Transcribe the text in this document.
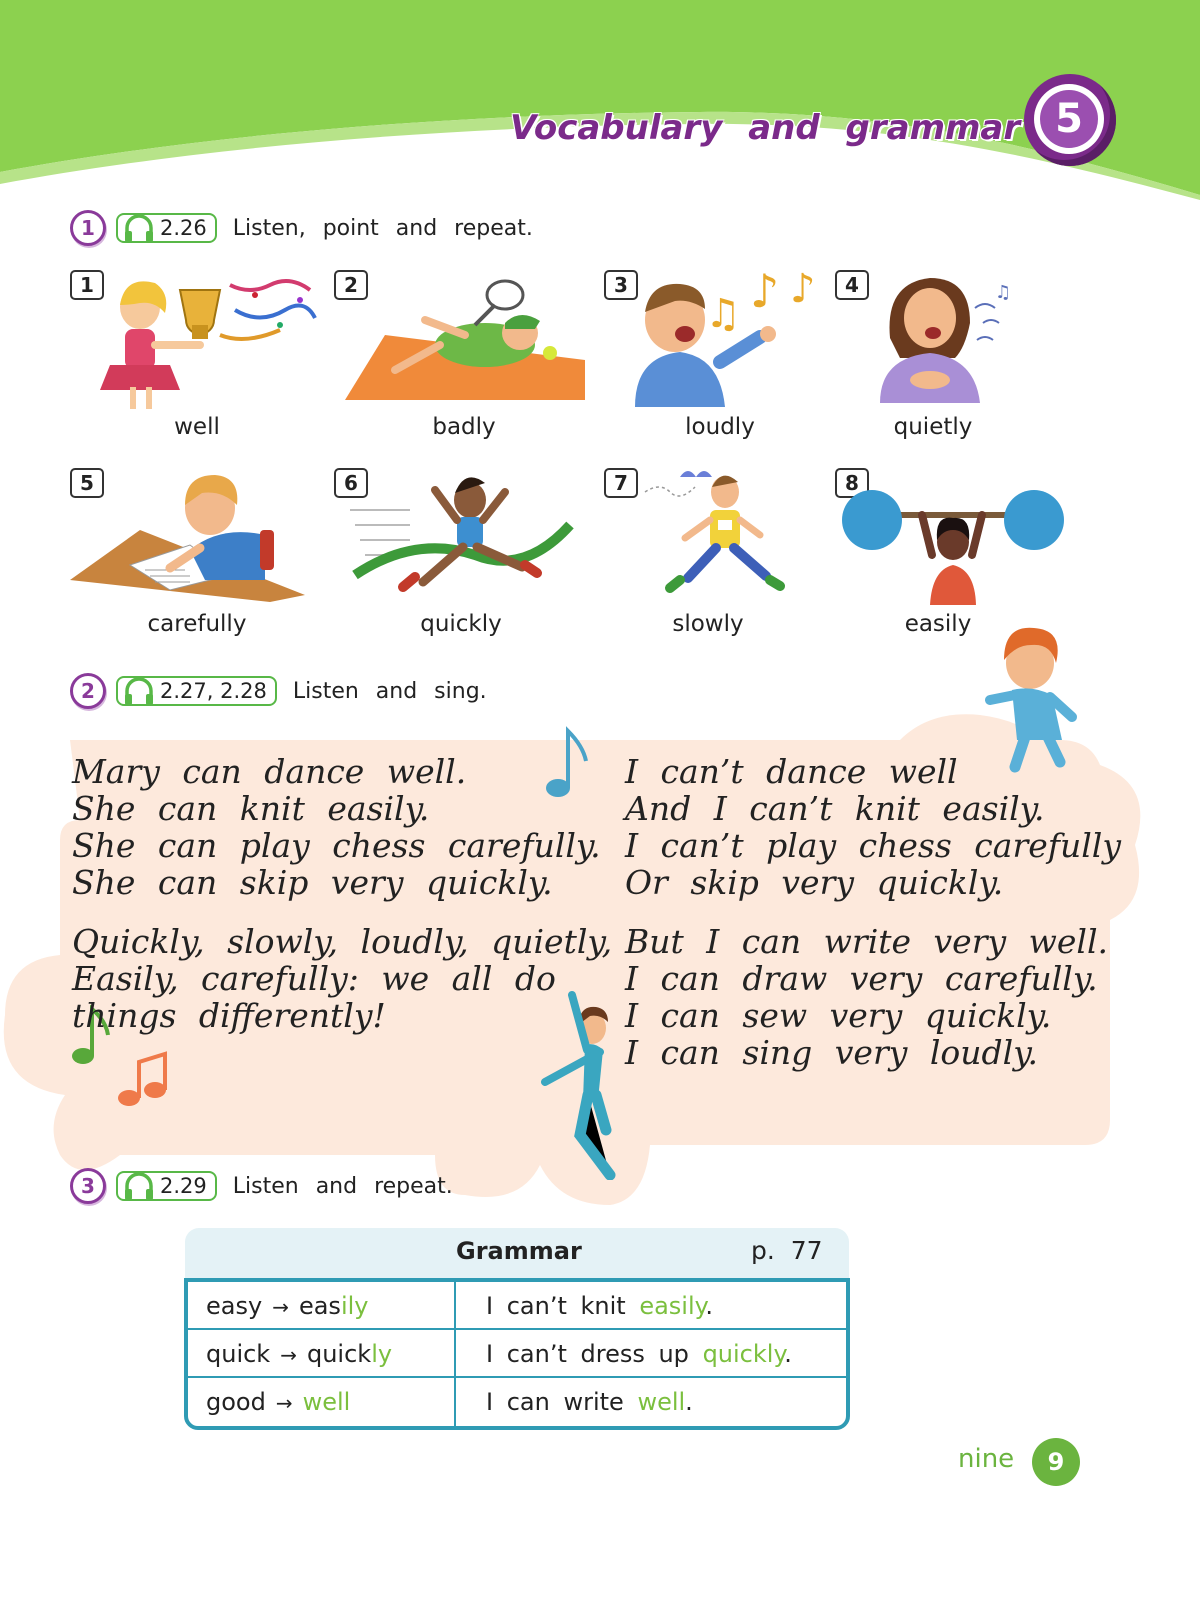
Vocabulary and grammar 5
1	2.26 Listen, point and repeat.
1
well
2
badly
3
♫ ♪ ♪
loudly
4	♫
quietly
5
carefully
6
quickly
7
slowly
8
easily
2	2.27, 2.28 Listen and sing.

Mary can dance well.

She can knit easily.

She can play chess carefully.

She can skip very quickly.

Quickly, slowly, loudly, quietly,

Easily, carefully: we all do

things differently!

I can’t dance well

And I can’t knit easily.

I can’t play chess carefully

Or skip very quickly.

But I can write very well.

I can draw very carefully.

I can sew very quickly.

I can sing very loudly.

3	2.29 Listen and repeat.
Grammar	p. 77
easy → easily	I can’t knit easily.
quick → quickly	I can’t dress up quickly.
good → well	I can write well.
nine	9
